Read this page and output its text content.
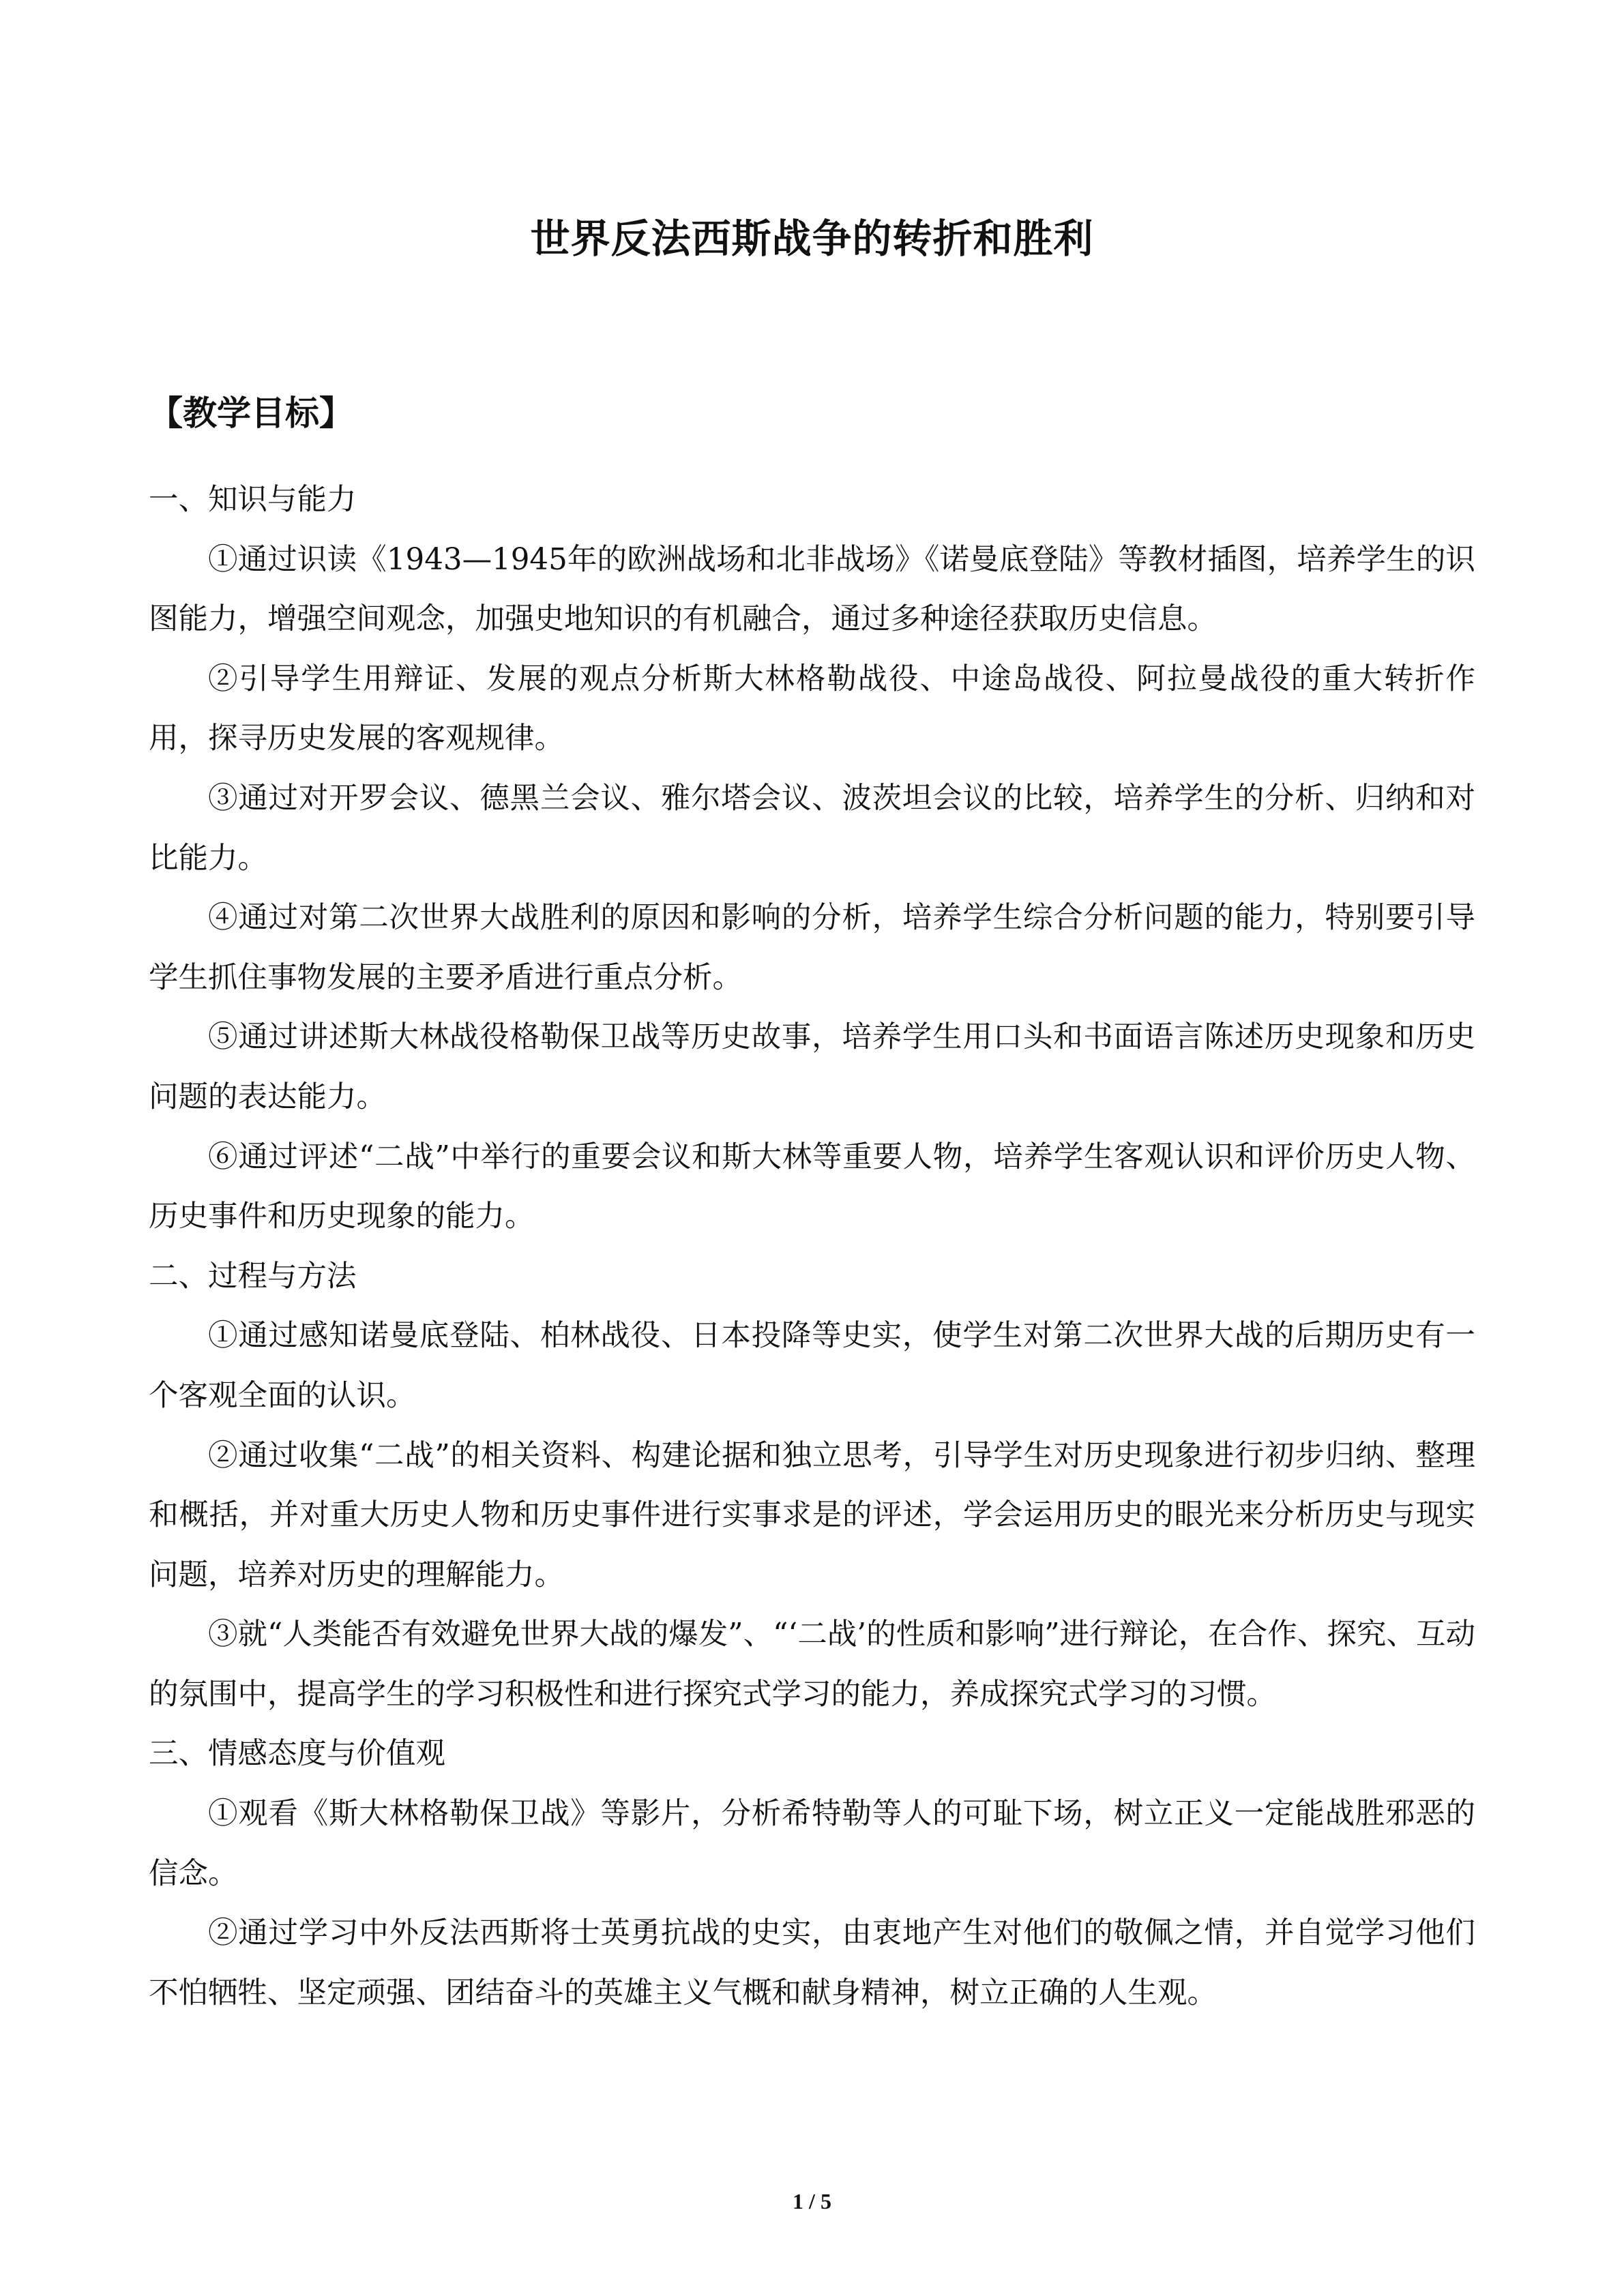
世界反法西斯战争的转折和胜利
【教学目标】

一、知识与能力

①通过识读《1943—1945年的欧洲战场和北非战场》《诺曼底登陆》等教材插图，培养学生的识图能力，增强空间观念，加强史地知识的有机融合，通过多种途径获取历史信息。

②引导学生用辩证、发展的观点分析斯大林格勒战役、中途岛战役、阿拉曼战役的重大转折作用，探寻历史发展的客观规律。

③通过对开罗会议、德黑兰会议、雅尔塔会议、波茨坦会议的比较，培养学生的分析、归纳和对比能力。

④通过对第二次世界大战胜利的原因和影响的分析，培养学生综合分析问题的能力，特别要引导学生抓住事物发展的主要矛盾进行重点分析。

⑤通过讲述斯大林战役格勒保卫战等历史故事，培养学生用口头和书面语言陈述历史现象和历史问题的表达能力。

⑥通过评述“二战”中举行的重要会议和斯大林等重要人物，培养学生客观认识和评价历史人物、历史事件和历史现象的能力。

二、过程与方法

①通过感知诺曼底登陆、柏林战役、日本投降等史实，使学生对第二次世界大战的后期历史有一个客观全面的认识。

②通过收集“二战”的相关资料、构建论据和独立思考，引导学生对历史现象进行初步归纳、整理和概括，并对重大历史人物和历史事件进行实事求是的评述，学会运用历史的眼光来分析历史与现实问题，培养对历史的理解能力。

③就“人类能否有效避免世界大战的爆发”、“‘二战’的性质和影响”进行辩论，在合作、探究、互动的氛围中，提高学生的学习积极性和进行探究式学习的能力，养成探究式学习的习惯。

三、情感态度与价值观

①观看《斯大林格勒保卫战》等影片，分析希特勒等人的可耻下场，树立正义一定能战胜邪恶的信念。

②通过学习中外反法西斯将士英勇抗战的史实，由衷地产生对他们的敬佩之情，并自觉学习他们不怕牺牲、坚定顽强、团结奋斗的英雄主义气概和献身精神，树立正确的人生观。

1 / 5
